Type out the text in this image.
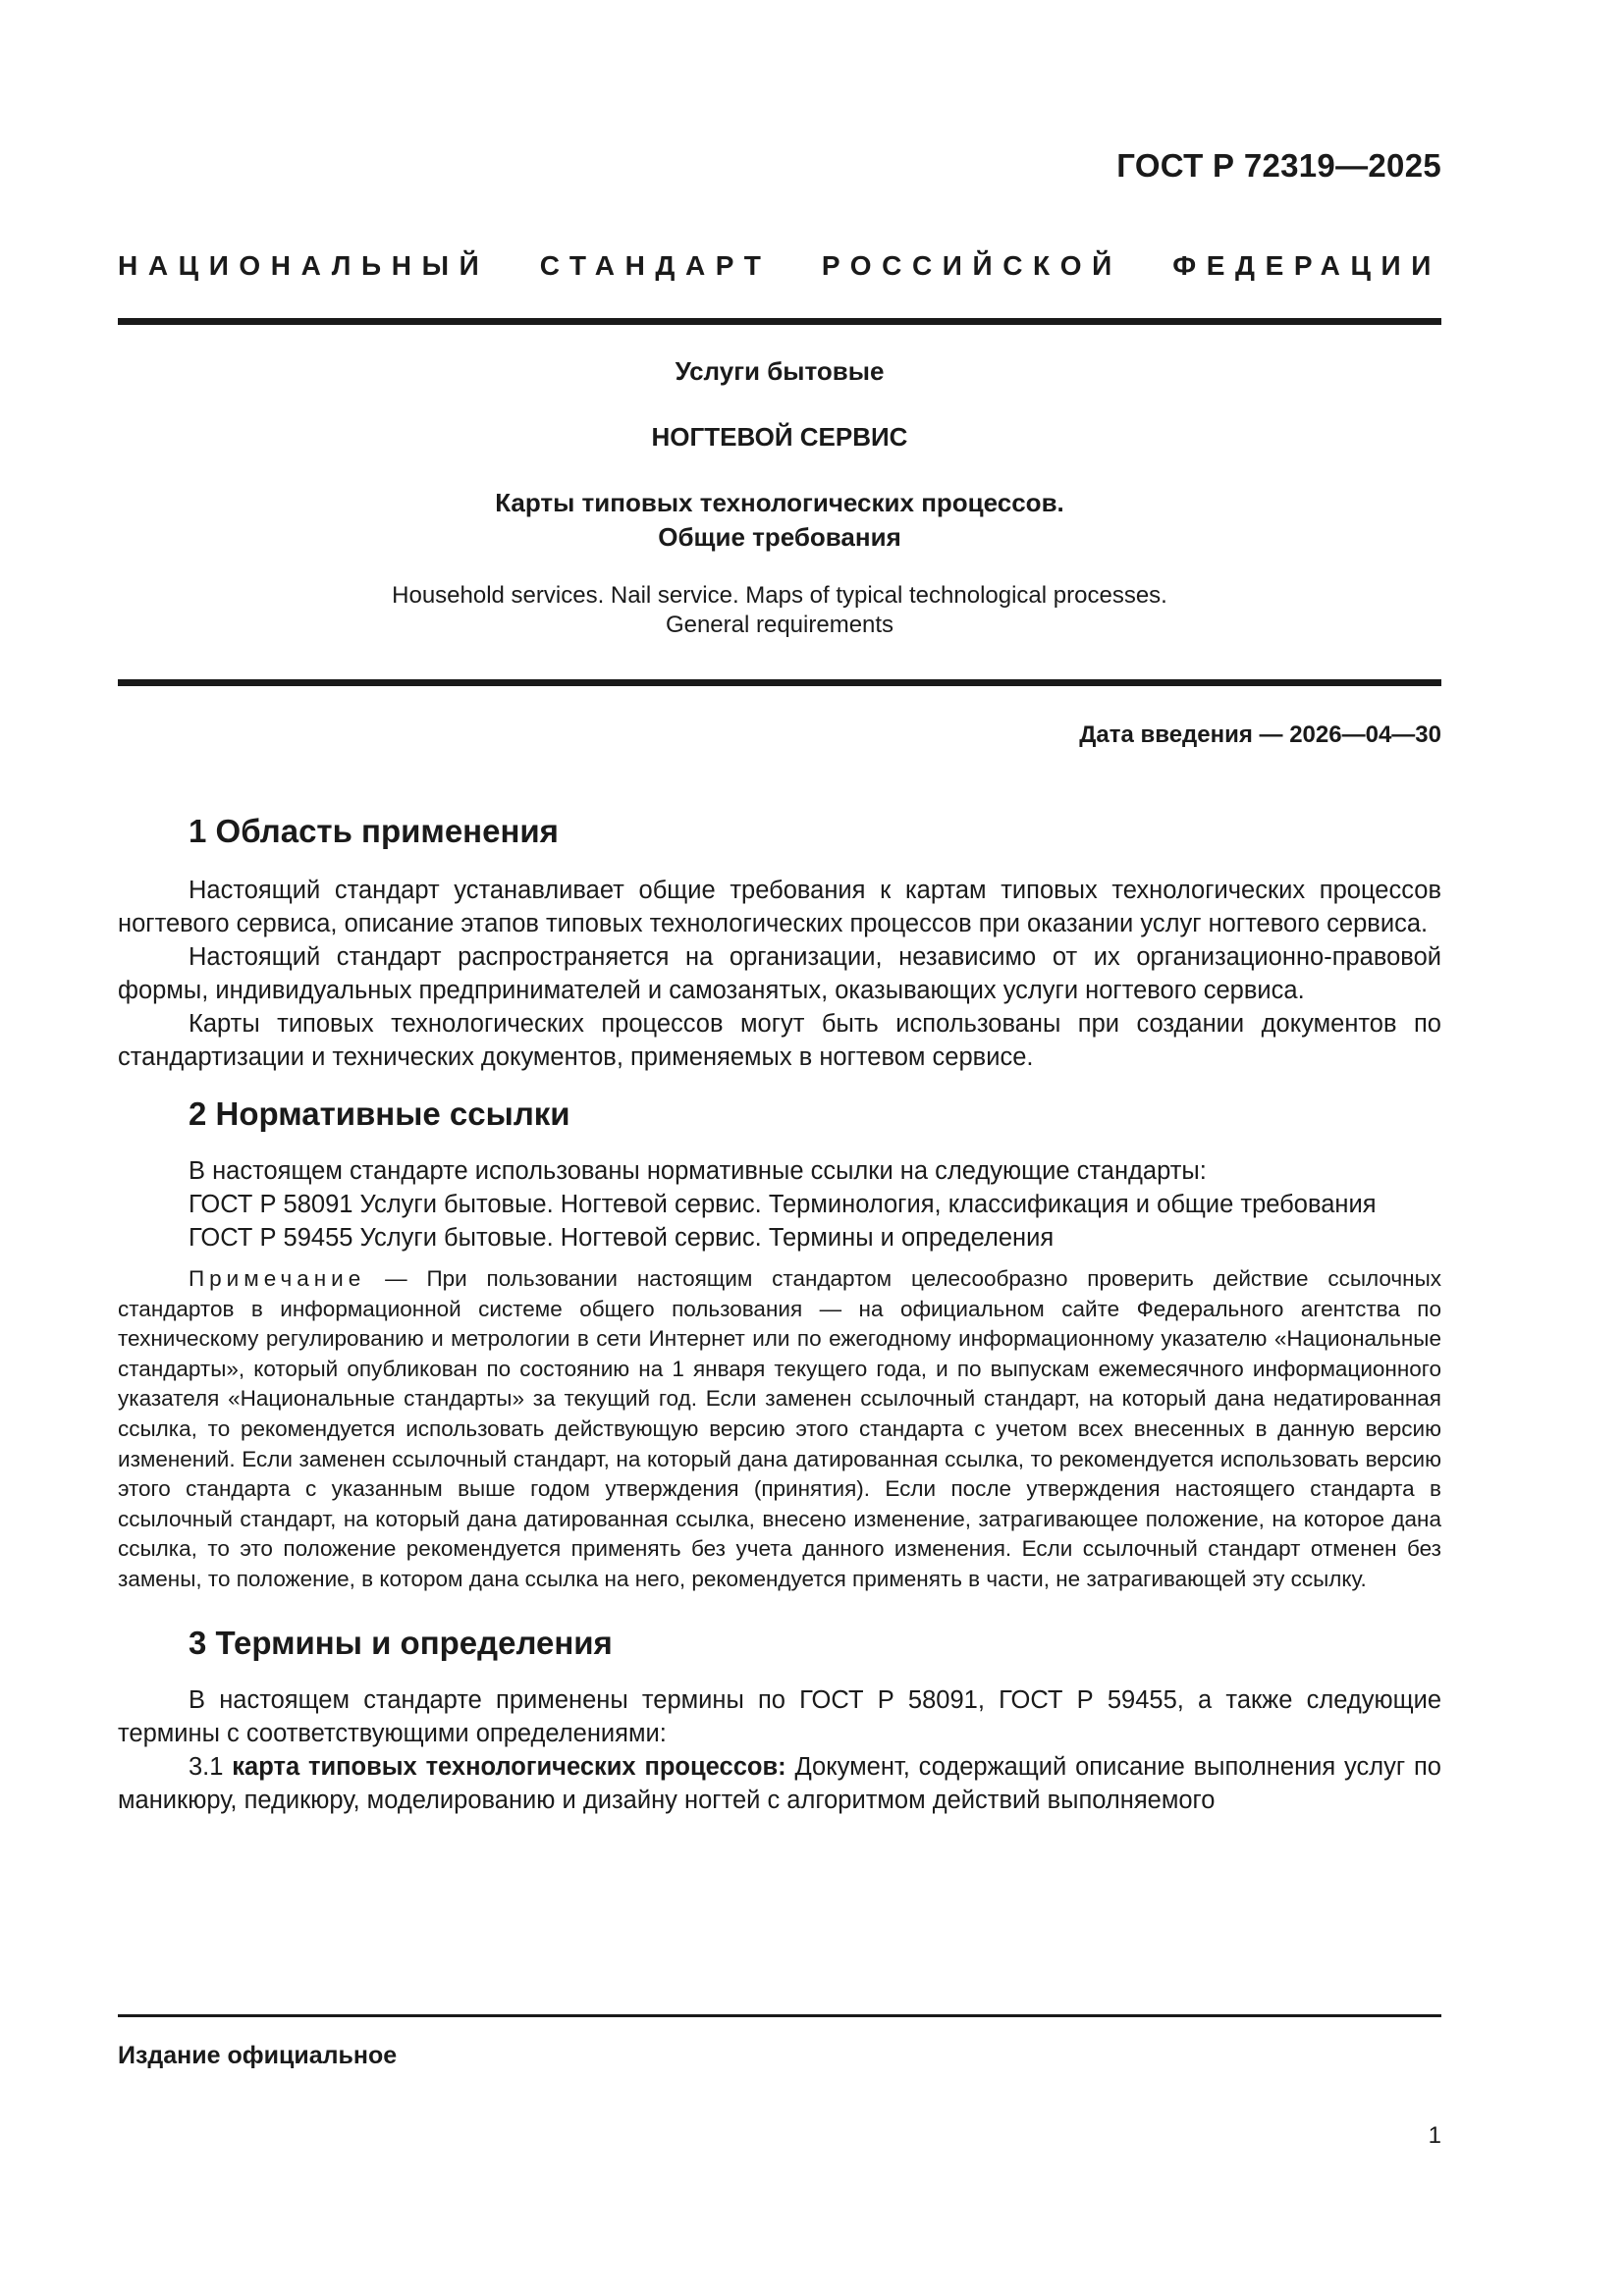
ГОСТ Р 72319—2025
НАЦИОНАЛЬНЫЙ СТАНДАРТ РОССИЙСКОЙ ФЕДЕРАЦИИ
Услуги бытовые
НОГТЕВОЙ СЕРВИС
Карты типовых технологических процессов.
Общие требования
Household services. Nail service. Maps of typical technological processes.
General requirements
Дата введения — 2026—04—30
1 Область применения

Настоящий стандарт устанавливает общие требования к картам типовых технологических процессов ногтевого сервиса, описание этапов типовых технологических процессов при оказании услуг ногтевого сервиса.

Настоящий стандарт распространяется на организации, независимо от их организационно-правовой формы, индивидуальных предпринимателей и самозанятых, оказывающих услуги ногтевого сервиса.

Карты типовых технологических процессов могут быть использованы при создании документов по стандартизации и технических документов, применяемых в ногтевом сервисе.

2 Нормативные ссылки

В настоящем стандарте использованы нормативные ссылки на следующие стандарты:

ГОСТ Р 58091 Услуги бытовые. Ногтевой сервис. Терминология, классификация и общие требования

ГОСТ Р 59455 Услуги бытовые. Ногтевой сервис. Термины и определения

Примечание — При пользовании настоящим стандартом целесообразно проверить действие ссылочных стандартов в информационной системе общего пользования — на официальном сайте Федерального агентства по техническому регулированию и метрологии в сети Интернет или по ежегодному информационному указателю «Национальные стандарты», который опубликован по состоянию на 1 января текущего года, и по выпускам ежемесячного информационного указателя «Национальные стандарты» за текущий год. Если заменен ссылочный стандарт, на который дана недатированная ссылка, то рекомендуется использовать действующую версию этого стандарта с учетом всех внесенных в данную версию изменений. Если заменен ссылочный стандарт, на который дана датированная ссылка, то рекомендуется использовать версию этого стандарта с указанным выше годом утверждения (принятия). Если после утверждения настоящего стандарта в ссылочный стандарт, на который дана датированная ссылка, внесено изменение, затрагивающее положение, на которое дана ссылка, то это положение рекомендуется применять без учета данного изменения. Если ссылочный стандарт отменен без замены, то положение, в котором дана ссылка на него, рекомендуется применять в части, не затрагивающей эту ссылку.

3 Термины и определения

В настоящем стандарте применены термины по ГОСТ Р 58091, ГОСТ Р 59455, а также следующие термины с соответствующими определениями:

3.1 карта типовых технологических процессов: Документ, содержащий описание выполнения услуг по маникюру, педикюру, моделированию и дизайну ногтей с алгоритмом действий выполняемого

Издание официальное
1
